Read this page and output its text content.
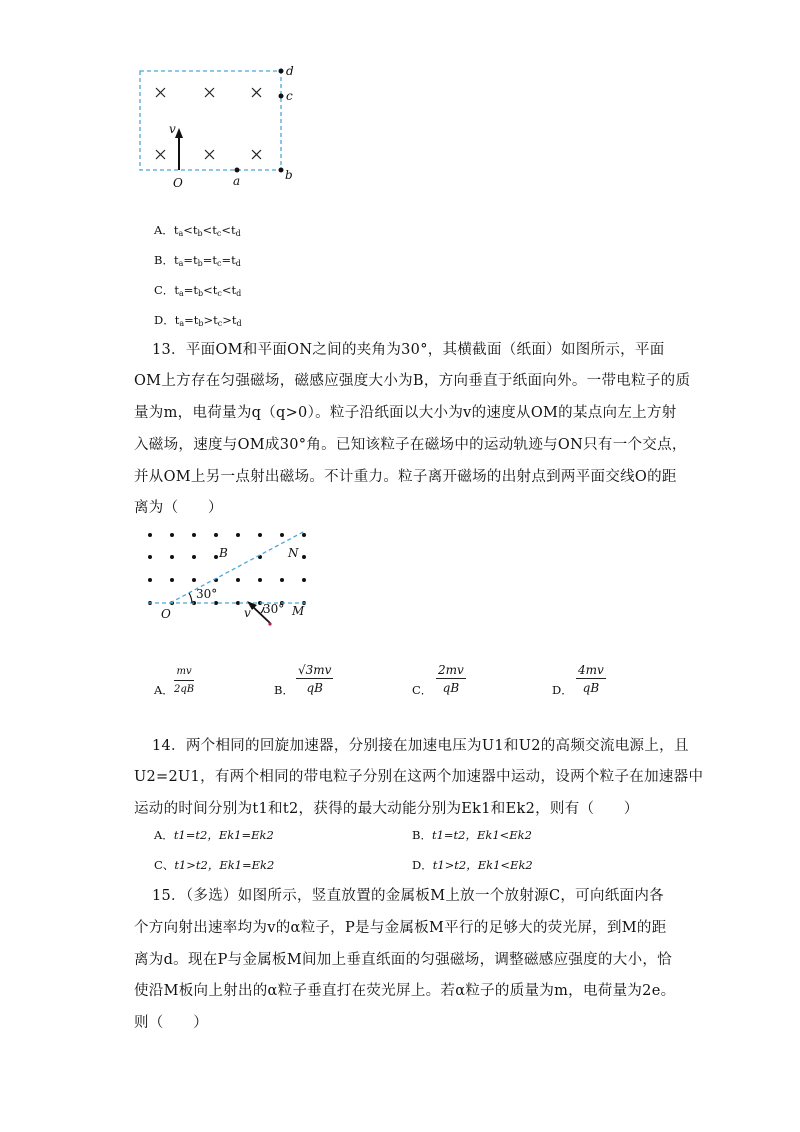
d
c
v
O	a	b
A．$t_a<t_b<t_c<t_d$
B．$t_a=t_b=t_c=t_d$
C．$t_a=t_b<t_c<t_d$
D．$t_a=t_b>t_c>t_d$
13．平面OM和平面ON之间的夹角为30°，其横截面（纸面）如图所示，平面
OM上方存在匀强磁场，磁感应强度大小为B，方向垂直于纸面向外。一带电粒子的质
量为m，电荷量为q（q>0）。粒子沿纸面以大小为v的速度从OM的某点向左上方射
入磁场，速度与OM成30°角。已知该粒子在磁场中的运动轨迹与ON只有一个交点，
并从OM上另一点射出磁场。不计重力。粒子离开磁场的出射点到两平面交线O的距
离为（　　）
B	N
30°
O	v 30° M
A． $\frac{mv}{2qB}$	B． $\frac{√3mv}{qB}$	C． $\frac{2mv}{qB}$	D． $\frac{4mv}{qB}$
14．两个相同的回旋加速器，分别接在加速电压为U1和U2的高频交流电源上，且
U2=2U1，有两个相同的带电粒子分别在这两个加速器中运动，设两个粒子在加速器中
运动的时间分别为t1和t2，获得的最大动能分别为Ek1和Ek2，则有（　　）
A．t1=t2，Ek1=Ek2	B．t1=t2，Ek1<Ek2
C、t1>t2，Ek1=Ek2	D．t1>t2，Ek1<Ek2
15．（多选）如图所示，竖直放置的金属板M上放一个放射源C，可向纸面内各
个方向射出速率均为v的α粒子，P是与金属板M平行的足够大的荧光屏，到M的距
离为d。现在P与金属板M间加上垂直纸面的匀强磁场，调整磁感应强度的大小，恰
使沿M板向上射出的α粒子垂直打在荧光屏上。若α粒子的质量为m，电荷量为2e。
则（　　）
